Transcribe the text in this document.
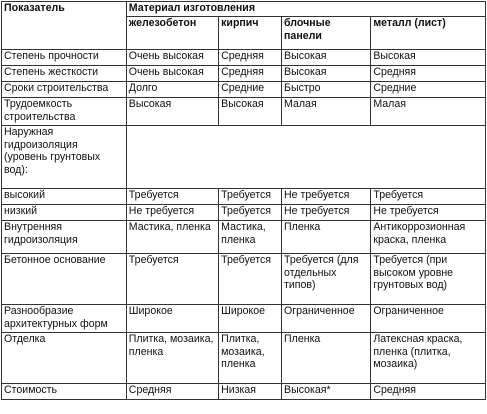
Показатель	Материал изготовления			
	железобетон	кирпич	блочные панели	металл (лист)
Степень прочности	Очень высокая	Средняя	Высокая	Высокая
Степень жесткости	Очень высокая	Средняя	Высокая	Средняя
Сроки строительства	Долго	Средние	Быстро	Средние
Трудоемкость строительства	Высокая	Высокая	Малая	Малая
Наружная гидроизоляция (уровень грунтовых вод):				
высокий	Требуется	Требуется	Не требуется	Требуется
низкий	Не требуется	Требуется	Не требуется	Не требуется
Внутренняя гидроизоляция	Мастика, пленка	Мастика, пленка	Пленка	Антикоррозионная краска, пленка
Бетонное основание	Требуется	Требуется	Требуется (для отдельных типов)	Требуется (при высоком уровне грунтовых вод)
Разнообразие архитектурных форм	Широкое	Широкое	Ограниченное	Ограниченное
Отделка	Плитка, мозаика, пленка	Плитка, мозаика, пленка	Пленка	Латексная краска, пленка (плитка, мозаика)
Стоимость	Средняя	Низкая	Высокая*	Средняя
